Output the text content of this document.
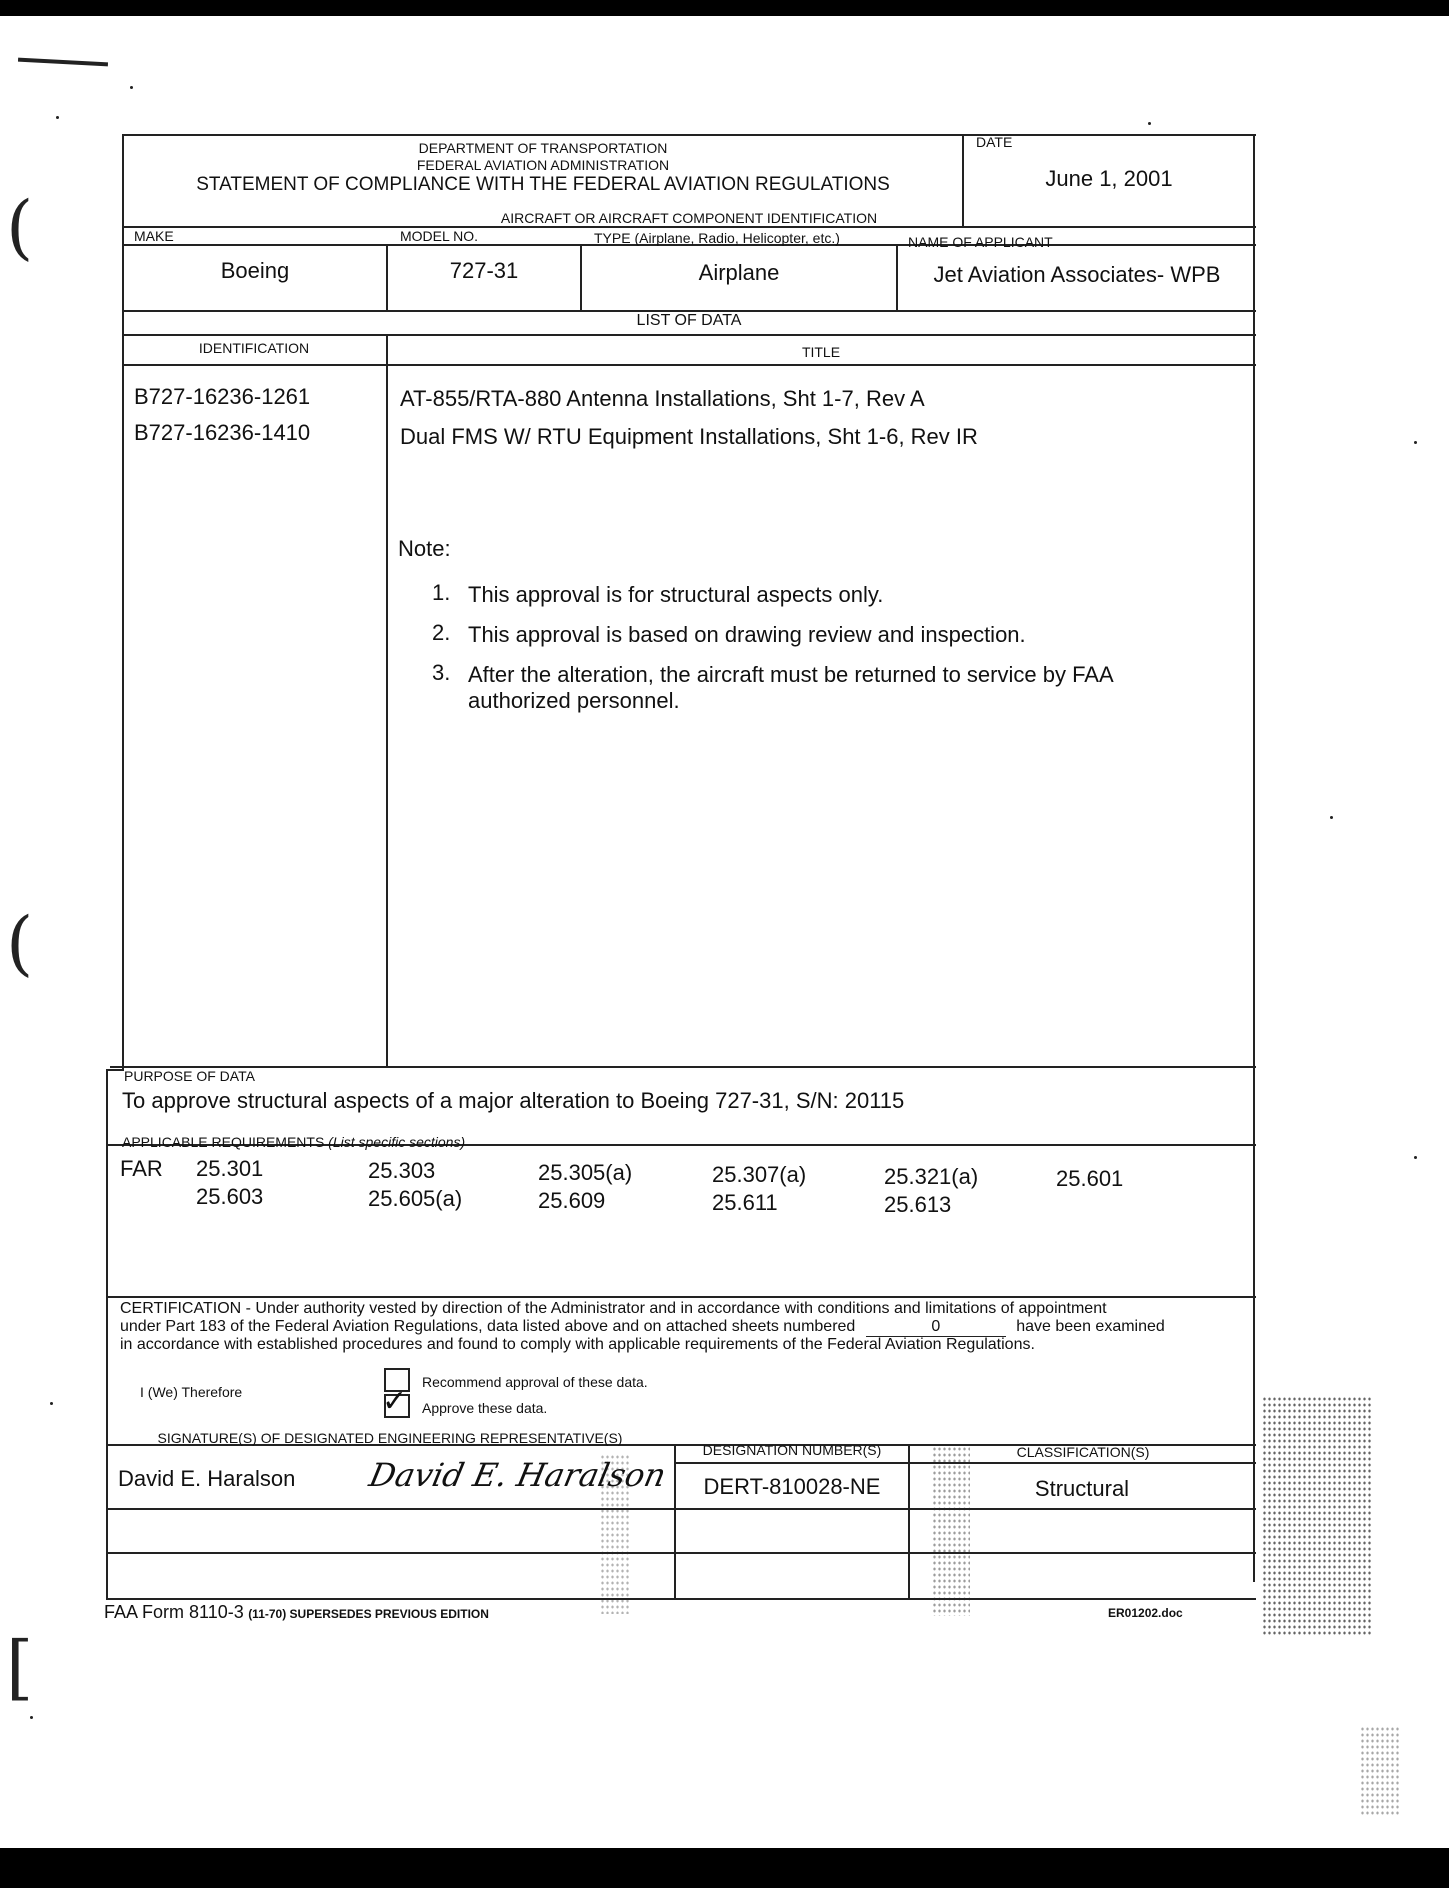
(
(
[
DEPARTMENT OF TRANSPORTATION
FEDERAL AVIATION ADMINISTRATION
STATEMENT OF COMPLIANCE WITH THE FEDERAL AVIATION REGULATIONS
DATE
June 1, 2001
AIRCRAFT OR AIRCRAFT COMPONENT IDENTIFICATION
MAKE	MODEL NO.	TYPE (Airplane, Radio, Helicopter, etc.)	NAME OF APPLICANT
Boeing	727-31	Airplane	Jet Aviation Associates- WPB
LIST OF DATA
IDENTIFICATION	TITLE
B727-16236-1261	AT-855/RTA-880 Antenna Installations, Sht 1-7, Rev A
B727-16236-1410	Dual FMS W/ RTU Equipment Installations, Sht 1-6, Rev IR
Note:
1. This approval is for structural aspects only.
2. This approval is based on drawing review and inspection.
3. After the alteration, the aircraft must be returned to service by FAA
authorized personnel.
PURPOSE OF DATA
To approve structural aspects of a major alteration to Boeing 727-31, S/N: 20115
APPLICABLE REQUIREMENTS (List specific sections)
FAR 25.301	25.303	25.305(a)	25.307(a)	25.321(a)	25.601
25.603	25.605(a)	25.609	25.611	25.613
CERTIFICATION - Under authority vested by direction of the Administrator and in accordance with conditions and limitations of appointment
under Part 183 of the Federal Aviation Regulations, data listed above and on attached sheets numbered	0	have been examined
in accordance with established procedures and found to comply with applicable requirements of the Federal Aviation Regulations.
I (We) Therefore
Recommend approval of these data.
✓ Approve these data.
SIGNATURE(S) OF DESIGNATED ENGINEERING REPRESENTATIVE(S)
DESIGNATION NUMBER(S)	CLASSIFICATION(S)
David E. Haralson David E. Haralson	DERT-810028-NE	Structural
FAA Form 8110-3 (11-70) SUPERSEDES PREVIOUS EDITION	ER01202.doc
